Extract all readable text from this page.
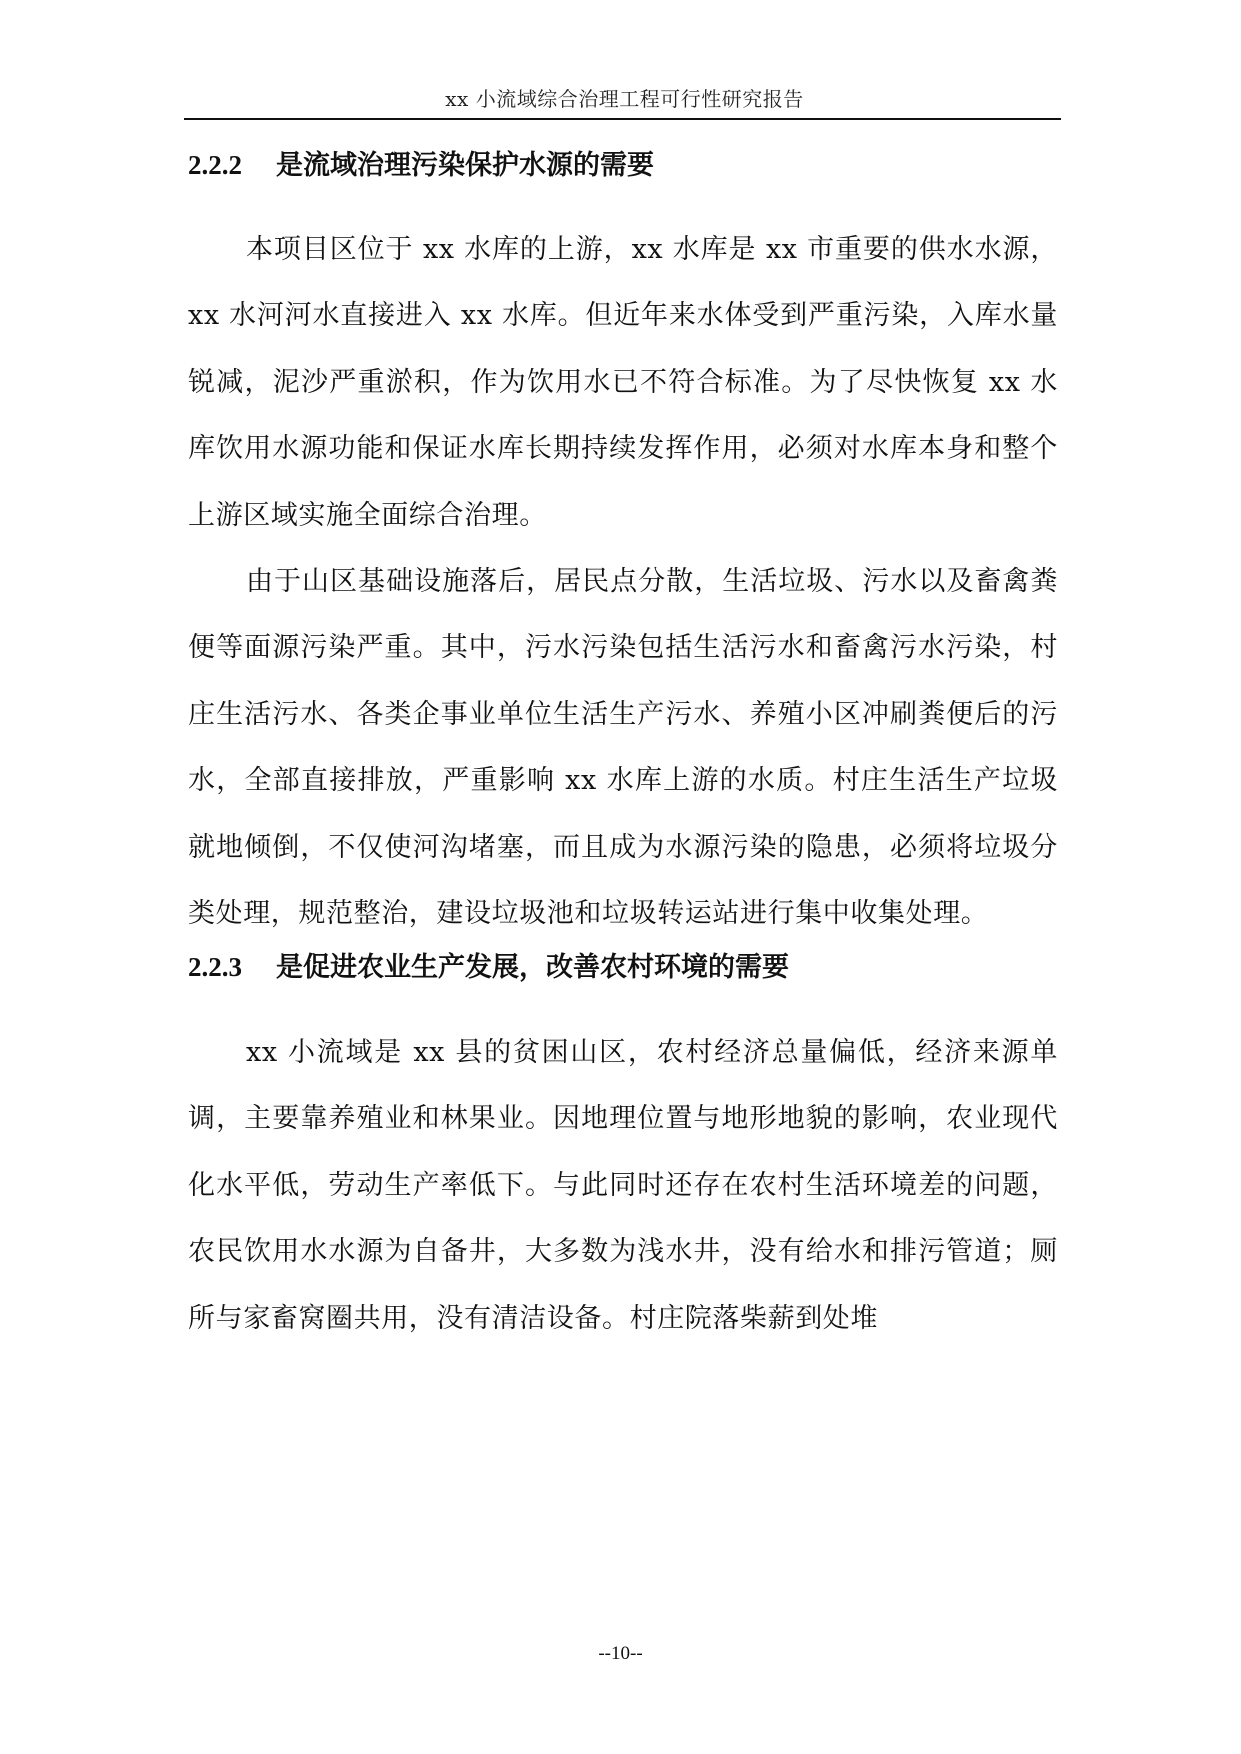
xx 小流域综合治理工程可行性研究报告
2.2.2 是流域治理污染保护水源的需要

本项目区位于 xx 水库的上游，xx 水库是 xx 市重要的供水水源，xx 水河河水直接进入 xx 水库。但近年来水体受到严重污染，入库水量锐减，泥沙严重淤积，作为饮用水已不符合标准。为了尽快恢复 xx 水库饮用水源功能和保证水库长期持续发挥作用，必须对水库本身和整个上游区域实施全面综合治理。

由于山区基础设施落后，居民点分散，生活垃圾、污水以及畜禽粪便等面源污染严重。其中，污水污染包括生活污水和畜禽污水污染，村庄生活污水、各类企事业单位生活生产污水、养殖小区冲刷粪便后的污水，全部直接排放，严重影响 xx 水库上游的水质。村庄生活生产垃圾就地倾倒，不仅使河沟堵塞，而且成为水源污染的隐患，必须将垃圾分类处理，规范整治，建设垃圾池和垃圾转运站进行集中收集处理。

2.2.3 是促进农业生产发展，改善农村环境的需要

xx 小流域是 xx 县的贫困山区，农村经济总量偏低，经济来源单调，主要靠养殖业和林果业。因地理位置与地形地貌的影响，农业现代化水平低，劳动生产率低下。与此同时还存在农村生活环境差的问题，农民饮用水水源为自备井，大多数为浅水井，没有给水和排污管道；厕所与家畜窝圈共用，没有清洁设备。村庄院落柴薪到处堆

--10--
